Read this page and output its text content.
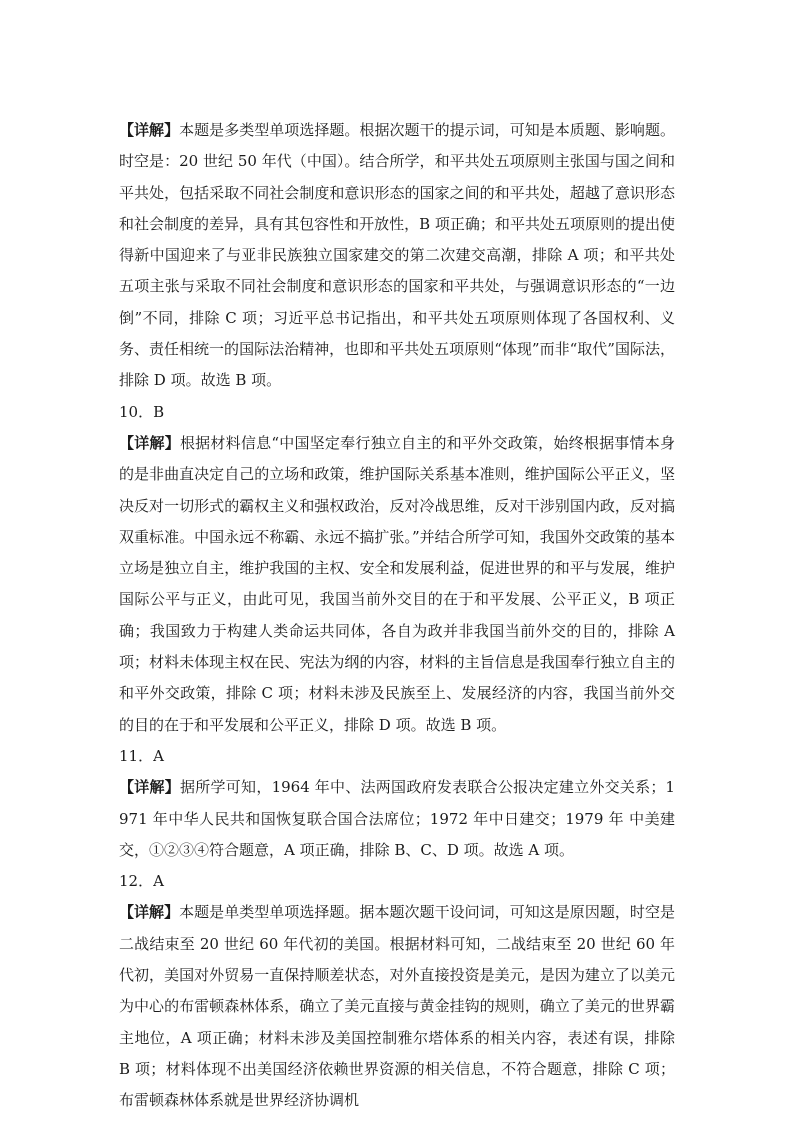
【详解】本题是多类型单项选择题。根据次题干的提示词，可知是本质题、影响题。时空是：20 世纪 50 年代（中国）。结合所学，和平共处五项原则主张国与国之间和平共处，包括采取不同社会制度和意识形态的国家之间的和平共处，超越了意识形态和社会制度的差异，具有其包容性和开放性，B 项正确；和平共处五项原则的提出使得新中国迎来了与亚非民族独立国家建交的第二次建交高潮，排除 A 项；和平共处五项主张与采取不同社会制度和意识形态的国家和平共处，与强调意识形态的“一边倒”不同，排除 C 项；习近平总书记指出，和平共处五项原则体现了各国权利、义务、责任相统一的国际法治精神，也即和平共处五项原则“体现”而非“取代”国际法，排除 D 项。故选 B 项。

10．B

【详解】根据材料信息“中国坚定奉行独立自主的和平外交政策，始终根据事情本身的是非曲直决定自己的立场和政策，维护国际关系基本准则，维护国际公平正义，坚决反对一切形式的霸权主义和强权政治，反对冷战思维，反对干涉别国内政，反对搞双重标准。中国永远不称霸、永远不搞扩张。”并结合所学可知，我国外交政策的基本立场是独立自主，维护我国的主权、安全和发展利益，促进世界的和平与发展，维护国际公平与正义，由此可见，我国当前外交目的在于和平发展、公平正义，B 项正确；我国致力于构建人类命运共同体，各自为政并非我国当前外交的目的，排除 A 项；材料未体现主权在民、宪法为纲的内容，材料的主旨信息是我国奉行独立自主的和平外交政策，排除 C 项；材料未涉及民族至上、发展经济的内容，我国当前外交的目的在于和平发展和公平正义，排除 D 项。故选 B 项。

11．A

【详解】据所学可知，1964 年中、法两国政府发表联合公报决定建立外交关系；1971 年中华人民共和国恢复联合国合法席位；1972 年中日建交；1979 年 中美建交，①②③④符合题意，A 项正确，排除 B、C、D 项。故选 A 项。

12．A

【详解】本题是单类型单项选择题。据本题次题干设问词，可知这是原因题，时空是二战结束至 20 世纪 60 年代初的美国。根据材料可知，二战结束至 20 世纪 60 年代初，美国对外贸易一直保持顺差状态，对外直接投资是美元，是因为建立了以美元为中心的布雷顿森林体系，确立了美元直接与黄金挂钩的规则，确立了美元的世界霸主地位，A 项正确；材料未涉及美国控制雅尔塔体系的相关内容，表述有误，排除 B 项；材料体现不出美国经济依赖世界资源的相关信息，不符合题意，排除 C 项；布雷顿森林体系就是世界经济协调机
